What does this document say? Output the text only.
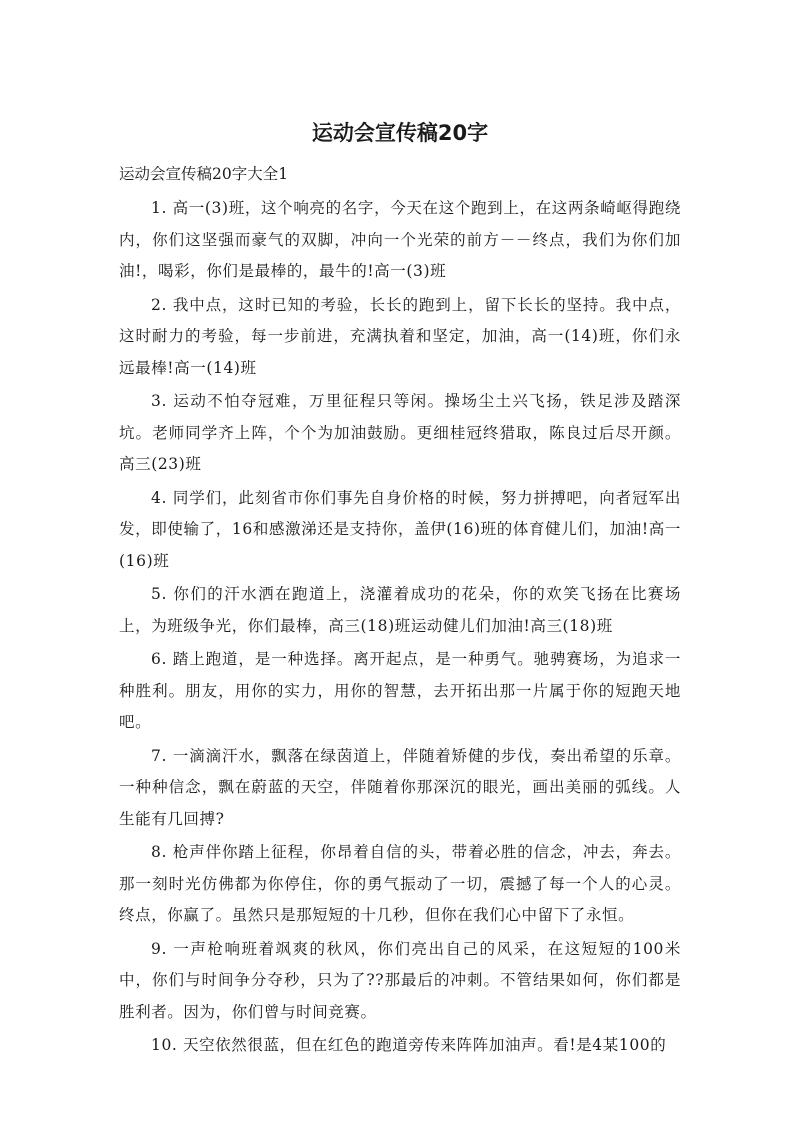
运动会宣传稿20字

运动会宣传稿20字大全1

1. 高一(3)班，这个响亮的名字，今天在这个跑到上，在这两条崎岖得跑绕内，你们这坚强而豪气的双脚，冲向一个光荣的前方－－终点，我们为你们加油!，喝彩，你们是最棒的，最牛的!高一(3)班

2. 我中点，这时已知的考验，长长的跑到上，留下长长的坚持。我中点，这时耐力的考验，每一步前进，充满执着和坚定，加油，高一(14)班，你们永远最棒!高一(14)班

3. 运动不怕夺冠难，万里征程只等闲。操场尘土兴飞扬，铁足涉及踏深坑。老师同学齐上阵，个个为加油鼓励。更细桂冠终猎取，陈良过后尽开颜。高三(23)班

4. 同学们，此刻省市你们事先自身价格的时候，努力拼搏吧，向者冠军出发，即使输了，16和感激涕还是支持你，盖伊(16)班的体育健儿们，加油!高一(16)班

5. 你们的汗水洒在跑道上，浇灌着成功的花朵，你的欢笑飞扬在比赛场上，为班级争光，你们最棒，高三(18)班运动健儿们加油!高三(18)班

6. 踏上跑道，是一种选择。离开起点，是一种勇气。驰骋赛场，为追求一种胜利。朋友，用你的实力，用你的智慧，去开拓出那一片属于你的短跑天地吧。

7. 一滴滴汗水，飘落在绿茵道上，伴随着矫健的步伐，奏出希望的乐章。一种种信念，飘在蔚蓝的天空，伴随着你那深沉的眼光，画出美丽的弧线。人生能有几回搏?

8. 枪声伴你踏上征程，你昂着自信的头，带着必胜的信念，冲去，奔去。那一刻时光仿佛都为你停住，你的勇气振动了一切，震撼了每一个人的心灵。终点，你赢了。虽然只是那短短的十几秒，但你在我们心中留下了永恒。

9. 一声枪响班着飒爽的秋风，你们亮出自己的风采，在这短短的100米中，你们与时间争分夺秒，只为了??那最后的冲刺。不管结果如何，你们都是胜利者。因为，你们曾与时间竞赛。

10. 天空依然很蓝，但在红色的跑道旁传来阵阵加油声。看!是4某100的
